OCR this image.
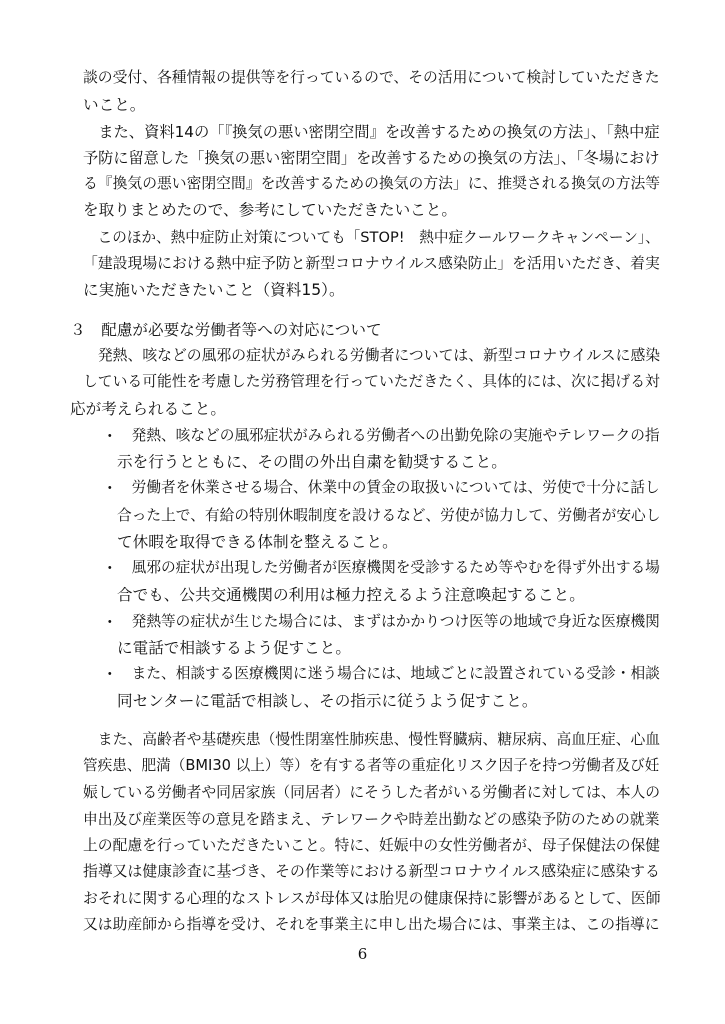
談の受付、各種情報の提供等を行っているので、その活用について検討していただきた
いこと。
　また、資料14の「『換気の悪い密閉空間』を改善するための換気の方法」、「熱中症
予防に留意した「換気の悪い密閉空間」を改善するための換気の方法」、「冬場におけ
る『換気の悪い密閉空間』を改善するための換気の方法」に、推奨される換気の方法等
を取りまとめたので、参考にしていただきたいこと。
　このほか、熱中症防止対策についても「STOP!　熱中症クールワークキャンペーン」、
「建設現場における熱中症予防と新型コロナウイルス感染防止」を活用いただき、着実
に実施いただきたいこと（資料15）。
３　配慮が必要な労働者等への対応について
　発熱、咳などの風邪の症状がみられる労働者については、新型コロナウイルスに感染
している可能性を考慮した労務管理を行っていただきたく、具体的には、次に掲げる対
応が考えられること。
・ 　発熱、咳などの風邪症状がみられる労働者への出勤免除の実施やテレワークの指
示を行うとともに、その間の外出自粛を勧奨すること。
・ 　労働者を休業させる場合、休業中の賃金の取扱いについては、労使で十分に話し
合った上で、有給の特別休暇制度を設けるなど、労使が協力して、労働者が安心し
て休暇を取得できる体制を整えること。
・ 　風邪の症状が出現した労働者が医療機関を受診するため等やむを得ず外出する場
合でも、公共交通機関の利用は極力控えるよう注意喚起すること。
・ 　発熱等の症状が生じた場合には、まずはかかりつけ医等の地域で身近な医療機関
に電話で相談するよう促すこと。
・ 　また、相談する医療機関に迷う場合には、地域ごとに設置されている受診・相談
同センターに電話で相談し、その指示に従うよう促すこと。
　また、高齢者や基礎疾患（慢性閉塞性肺疾患、慢性腎臓病、糖尿病、高血圧症、心血
管疾患、肥満（BMI30 以上）等）を有する者等の重症化リスク因子を持つ労働者及び妊
娠している労働者や同居家族（同居者）にそうした者がいる労働者に対しては、本人の
申出及び産業医等の意見を踏まえ、テレワークや時差出勤などの感染予防のための就業
上の配慮を行っていただきたいこと。特に、妊娠中の女性労働者が、母子保健法の保健
指導又は健康診査に基づき、その作業等における新型コロナウイルス感染症に感染する
おそれに関する心理的なストレスが母体又は胎児の健康保持に影響があるとして、医師
又は助産師から指導を受け、それを事業主に申し出た場合には、事業主は、この指導に
6
